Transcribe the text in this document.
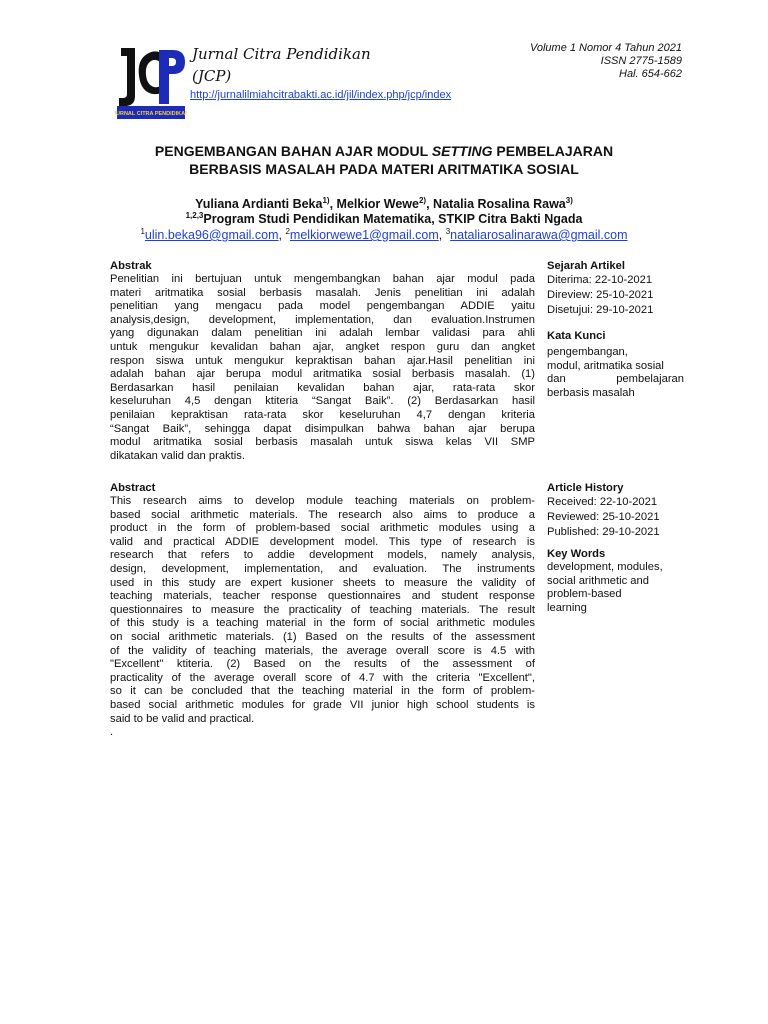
JURNAL CITRA PENDIDIKAN
Jurnal Citra Pendidikan
(JCP)
http://jurnalilmiahcitrabakti.ac.id/jil/index.php/jcp/index
Volume 1 Nomor 4 Tahun 2021
ISSN 2775-1589
Hal. 654-662
PENGEMBANGAN BAHAN AJAR MODUL SETTING PEMBELAJARAN
BERBASIS MASALAH PADA MATERI ARITMATIKA SOSIAL
Yuliana Ardianti Beka$^{1)}$, Melkior Wewe$^{2)}$, Natalia Rosalina Rawa$^{3)}$
$^{1,2,3}$Program Studi Pendidikan Matematika, STKIP Citra Bakti Ngada
$^1$ulin.beka96@gmail.com, $^2$melkiorwewe1@gmail.com, $^3$nataliarosalinarawa@gmail.com
Abstrak
Penelitian ini bertujuan untuk mengembangkan bahan ajar modul pada
materi aritmatika sosial berbasis masalah. Jenis penelitian ini adalah
penelitian yang mengacu pada model pengembangan ADDIE yaitu
analysis,design, development, implementation, dan evaluation.Instrumen
yang digunakan dalam penelitian ini adalah lembar validasi para ahli
untuk mengukur kevalidan bahan ajar, angket respon guru dan angket
respon siswa untuk mengukur kepraktisan bahan ajar.Hasil penelitian ini
adalah bahan ajar berupa modul aritmatika sosial berbasis masalah. (1)
Berdasarkan hasil penilaian kevalidan bahan ajar, rata-rata skor
keseluruhan 4,5 dengan ktiteria “Sangat Baik”. (2) Berdasarkan hasil
penilaian kepraktisan rata-rata skor keseluruhan 4,7 dengan kriteria
“Sangat Baik”, sehingga dapat disimpulkan bahwa bahan ajar berupa
modul aritmatika sosial berbasis masalah untuk siswa kelas VII SMP
dikatakan valid dan praktis.
Sejarah Artikel
Diterima: 22-10-2021
Direview: 25-10-2021
Disetujui: 29-10-2021
Kata Kunci
pengembangan,
modul, aritmatika sosial
dan	pembelajaran
berbasis masalah
Abstract
This research aims to develop module teaching materials on problem-
based social arithmetic materials. The research also aims to produce a
product in the form of problem-based social arithmetic modules using a
valid and practical ADDIE development model. This type of research is
research that refers to addie development models, namely analysis,
design, development, implementation, and evaluation. The instruments
used in this study are expert kusioner sheets to measure the validity of
teaching materials, teacher response questionnaires and student response
questionnaires to measure the practicality of teaching materials. The result
of this study is a teaching material in the form of social arithmetic modules
on social arithmetic materials. (1) Based on the results of the assessment
of the validity of teaching materials, the average overall score is 4.5 with
"Excellent" ktiteria. (2) Based on the results of the assessment of
practicality of the average overall score of 4.7 with the criteria "Excellent",
so it can be concluded that the teaching material in the form of problem-
based social arithmetic modules for grade VII junior high school students is
said to be valid and practical.
.
Article History
Received: 22-10-2021
Reviewed: 25-10-2021
Published: 29-10-2021
Key Words
development, modules,
social arithmetic and
problem-based
learning
